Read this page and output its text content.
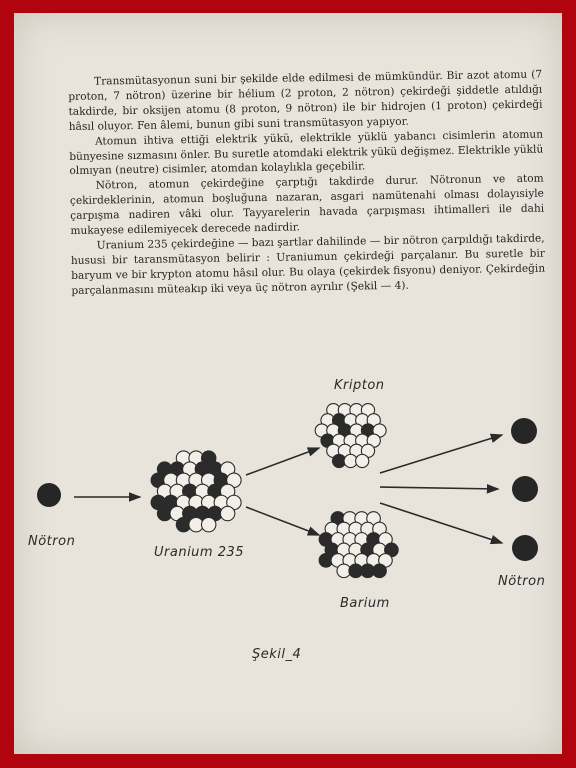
Transmütasyonun suni bir şekilde elde edilmesi de mümkündür. Bir azot atomu (7 proton, 7 nötron) üzerine bir hélium (2 proton, 2 nötron) çekirdeği şiddetle atıldığı takdirde, bir oksijen atomu (8 proton, 9 nötron) ile bir hidrojen (1 proton) çekirdeği hâsıl oluyor. Fen âlemi, bunun gibi suni transmütasyon yapıyor.

Atomun ihtiva ettiği elektrik yükü, elektrikle yüklü yabancı cisimlerin atomun bünyesine sızmasını önler. Bu suretle atomdaki elektrik yükü değişmez. Elektrikle yüklü olmıyan (neutre) cisimler, atomdan kolaylıkla geçebilir.

Nötron, atomun çekirdeğine çarptığı takdirde durur. Nötronun ve atom çekirdeklerinin, atomun boşluğuna nazaran, asgari namütenahi olması dolayısiyle çarpışma nadiren vâki olur. Tayyarelerin havada çarpışması ihtimalleri ile dahi mukayese edilemiyecek derecede nadirdir.

Uranium 235 çekirdeğine — bazı şartlar dahilinde — bir nötron çarpıldığı takdirde, hususi bir taransmütasyon belirir : Uraniumun çekirdeği parçalanır. Bu suretle bir baryum ve bir krypton atomu hâsıl olur. Bu olaya (çekirdek fisyonu) deniyor. Çekirdeğin parçalanmasını müteakıp iki veya üç nötron ayrılır (Şekil — 4).

Nötron
Uranium 235
Kripton
Barium
Nötron
Şekil_4
